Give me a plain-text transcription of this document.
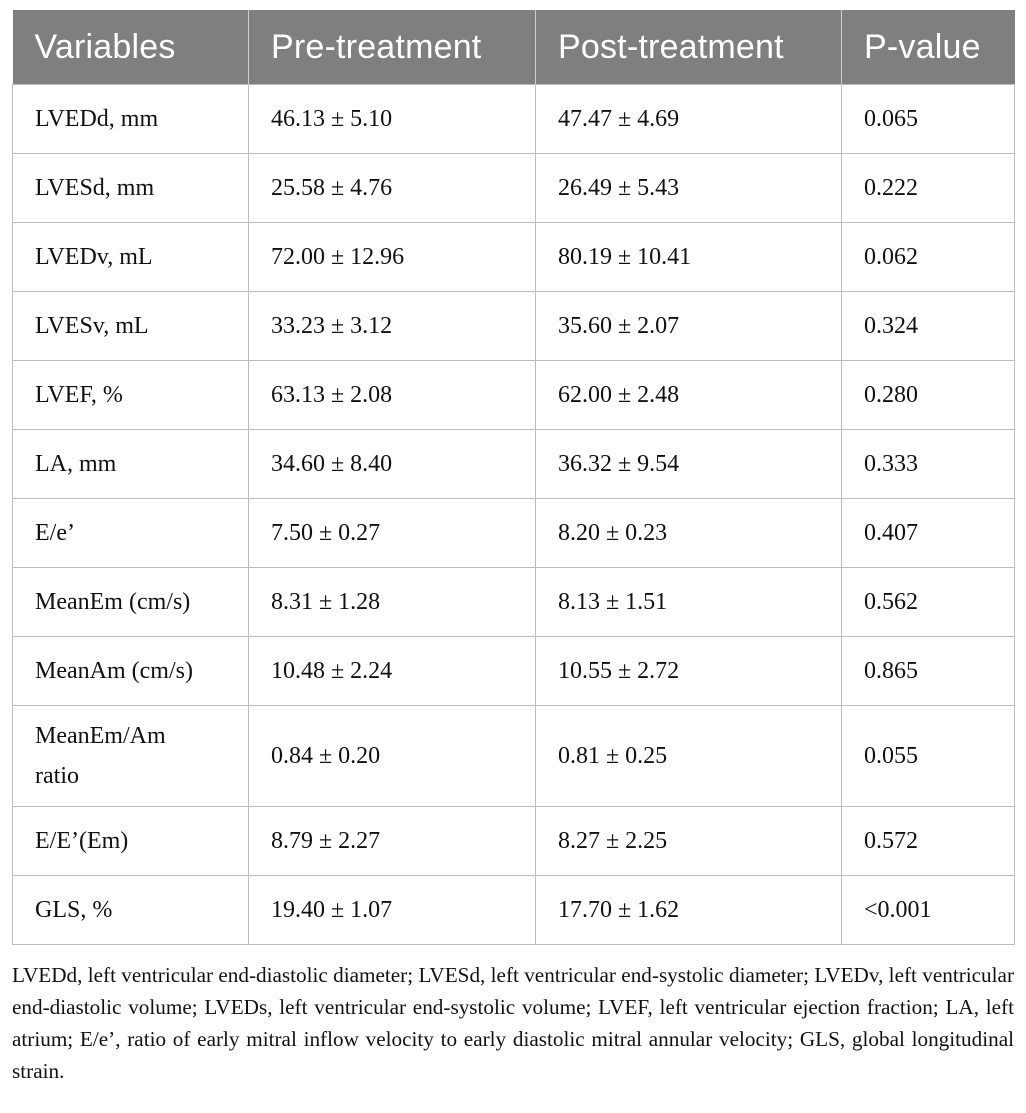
Variables	Pre-treatment	Post-treatment	P-value
LVEDd, mm	46.13 ± 5.10	47.47 ± 4.69	0.065
LVESd, mm	25.58 ± 4.76	26.49 ± 5.43	0.222
LVEDv, mL	72.00 ± 12.96	80.19 ± 10.41	0.062
LVESv, mL	33.23 ± 3.12	35.60 ± 2.07	0.324
LVEF, %	63.13 ± 2.08	62.00 ± 2.48	0.280
LA, mm	34.60 ± 8.40	36.32 ± 9.54	0.333
E/e’	7.50 ± 0.27	8.20 ± 0.23	0.407
MeanEm (cm/s)	8.31 ± 1.28	8.13 ± 1.51	0.562
MeanAm (cm/s)	10.48 ± 2.24	10.55 ± 2.72	0.865
MeanEm/Am ratio	0.84 ± 0.20	0.81 ± 0.25	0.055
E/E’(Em)	8.79 ± 2.27	8.27 ± 2.25	0.572
GLS, %	19.40 ± 1.07	17.70 ± 1.62	<0.001

LVEDd, left ventricular end-diastolic diameter; LVESd, left ventricular end-systolic diameter; LVEDv, left ventricular end-diastolic volume; LVEDs, left ventricular end-systolic volume; LVEF, left ventricular ejection fraction; LA, left atrium; E/e’, ratio of early mitral inflow velocity to early diastolic mitral annular velocity; GLS, global longitudinal strain.
